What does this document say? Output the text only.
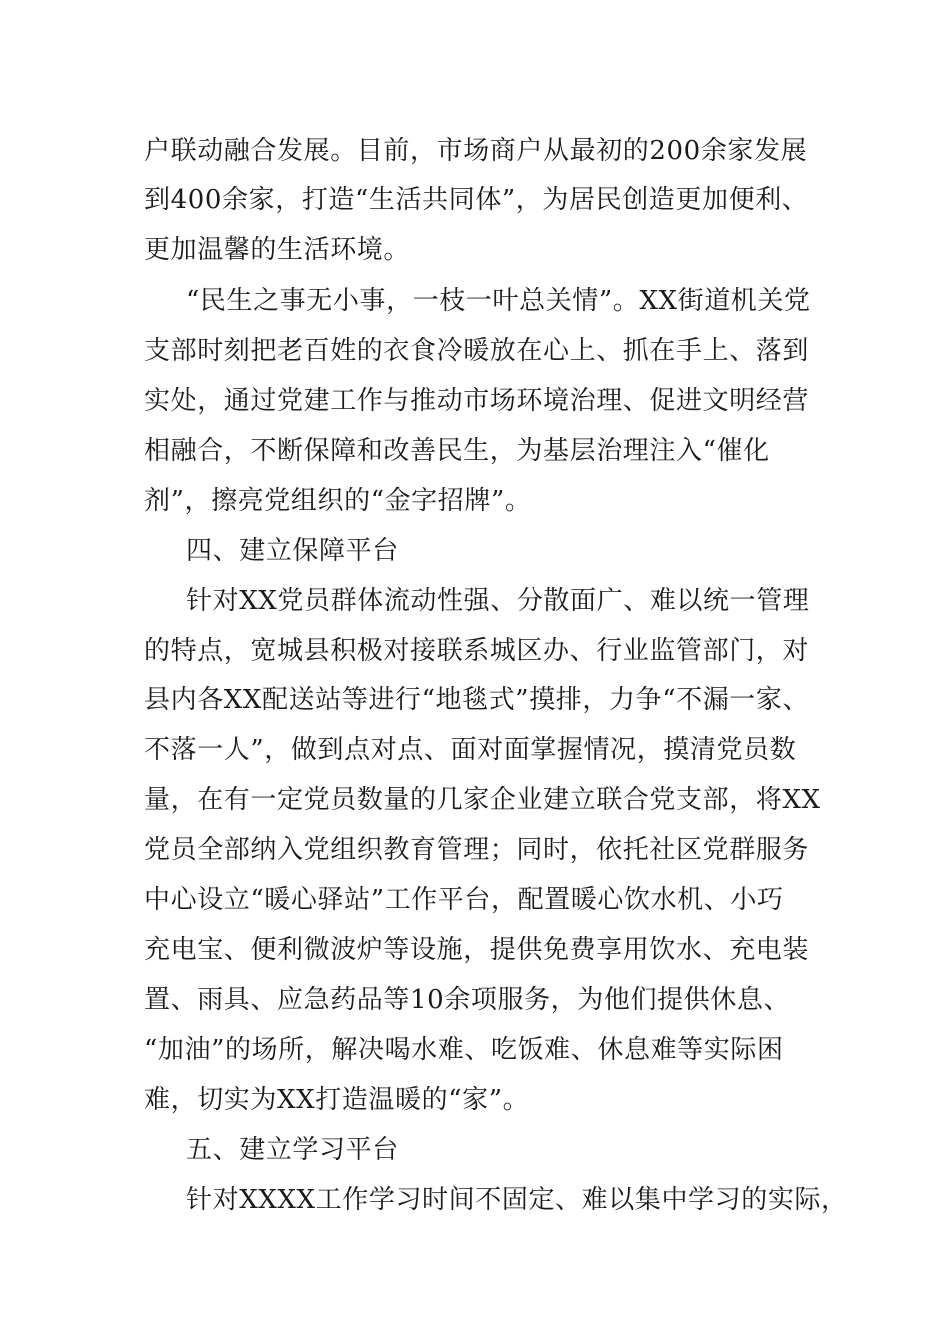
户联动融合发展。目前，市场商户从最初的200余家发展
到400余家，打造“生活共同体”，为居民创造更加便利、
更加温馨的生活环境。
“民生之事无小事，一枝一叶总关情”。XX街道机关党
支部时刻把老百姓的衣食冷暖放在心上、抓在手上、落到
实处，通过党建工作与推动市场环境治理、促进文明经营
相融合，不断保障和改善民生，为基层治理注入“催化
剂”，擦亮党组织的“金字招牌”。
四、建立保障平台
针对XX党员群体流动性强、分散面广、难以统一管理
的特点，宽城县积极对接联系城区办、行业监管部门，对
县内各XX配送站等进行“地毯式”摸排，力争“不漏一家、
不落一人”，做到点对点、面对面掌握情况，摸清党员数
量，在有一定党员数量的几家企业建立联合党支部，将XX
党员全部纳入党组织教育管理；同时，依托社区党群服务
中心设立“暖心驿站”工作平台，配置暖心饮水机、小巧
充电宝、便利微波炉等设施，提供免费享用饮水、充电装
置、雨具、应急药品等10余项服务，为他们提供休息、
“加油”的场所，解决喝水难、吃饭难、休息难等实际困
难，切实为XX打造温暖的“家”。
五、建立学习平台
针对XXXX工作学习时间不固定、难以集中学习的实际，
